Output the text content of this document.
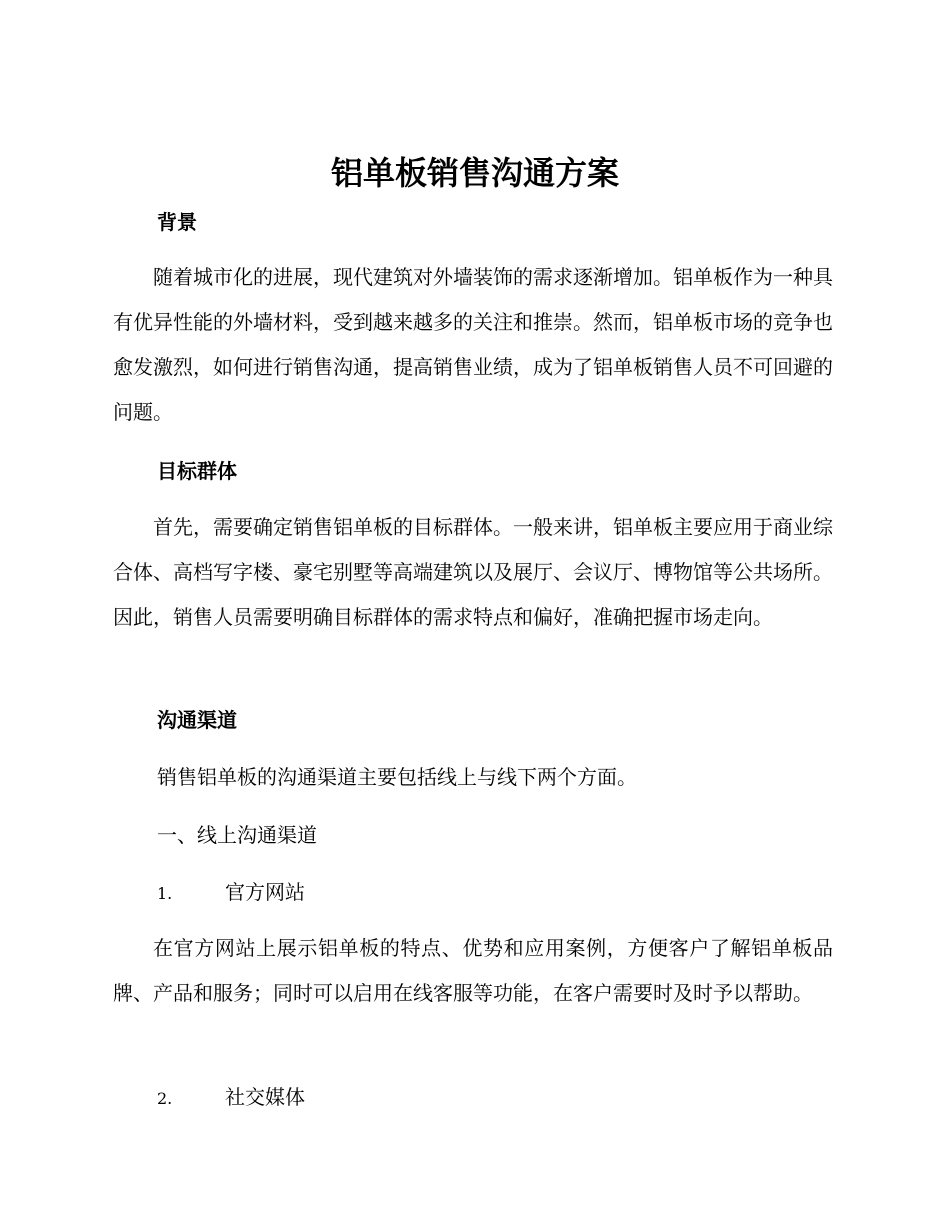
铝单板销售沟通方案
背景

随着城市化的进展，现代建筑对外墙装饰的需求逐渐增加。铝单板作为一种具有优异性能的外墙材料，受到越来越多的关注和推崇。然而，铝单板市场的竞争也愈发激烈，如何进行销售沟通，提高销售业绩，成为了铝单板销售人员不可回避的问题。

目标群体

首先，需要确定销售铝单板的目标群体。一般来讲，铝单板主要应用于商业综合体、高档写字楼、豪宅别墅等高端建筑以及展厅、会议厅、博物馆等公共场所。因此，销售人员需要明确目标群体的需求特点和偏好，准确把握市场走向。

沟通渠道

销售铝单板的沟通渠道主要包括线上与线下两个方面。

一、线上沟通渠道

1.	官方网站

在官方网站上展示铝单板的特点、优势和应用案例，方便客户了解铝单板品牌、产品和服务；同时可以启用在线客服等功能，在客户需要时及时予以帮助。

2.	社交媒体
